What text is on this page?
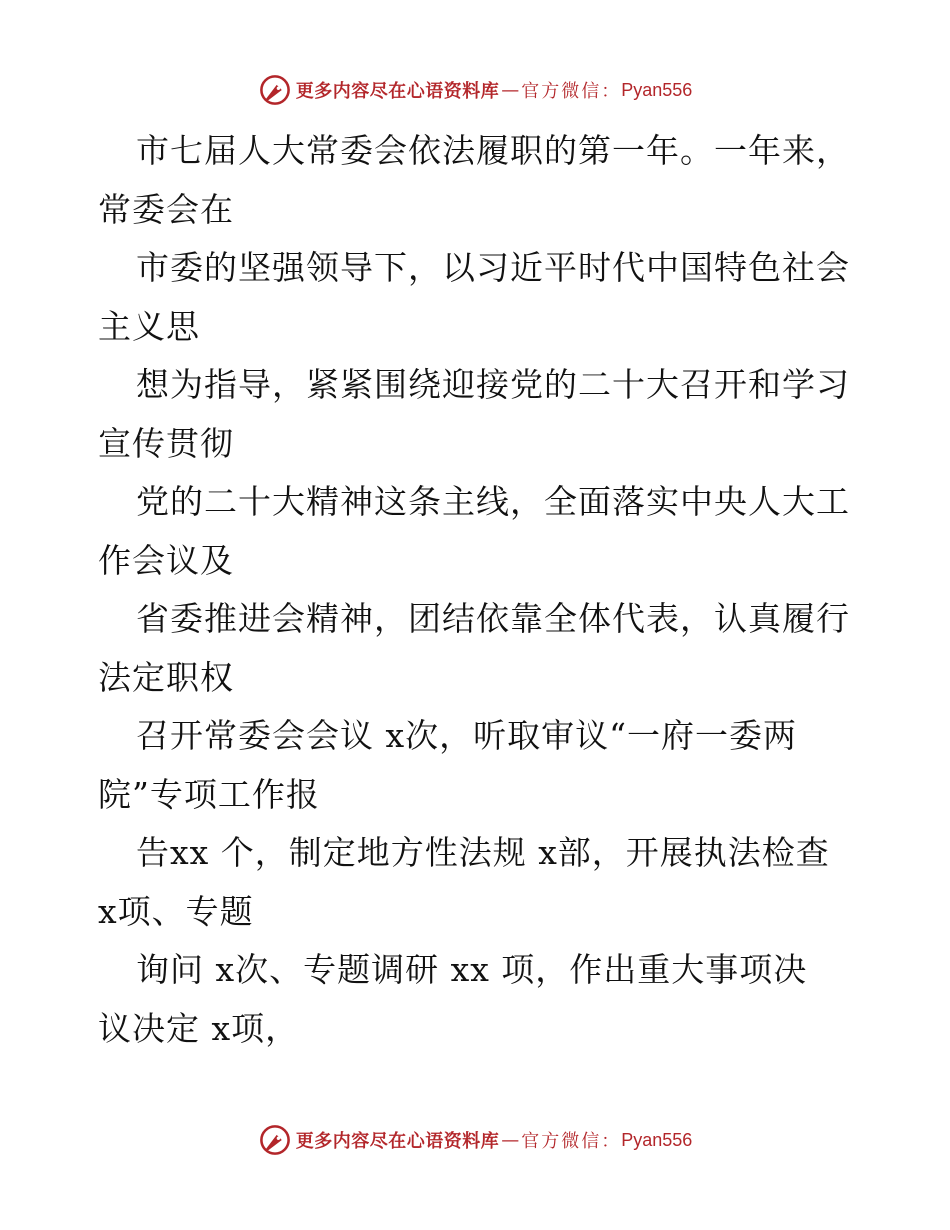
更多内容尽在心语资料库 — 官方微信： Pyan556

市七届人大常委会依法履职的第一年。一年来，
常委会在

市委的坚强领导下，以习近平时代中国特色社会
主义思

想为指导，紧紧围绕迎接党的二十大召开和学习
宣传贯彻

党的二十大精神这条主线，全面落实中央人大工
作会议及

省委推进会精神，团结依靠全体代表，认真履行
法定职权

召开常委会会议 x次，听取审议“一府一委两
院”专项工作报

告xx 个，制定地方性法规 x部，开展执法检查
x项、专题

询问 x次、专题调研 xx 项，作出重大事项决
议决定 x项，

更多内容尽在心语资料库 — 官方微信： Pyan556
